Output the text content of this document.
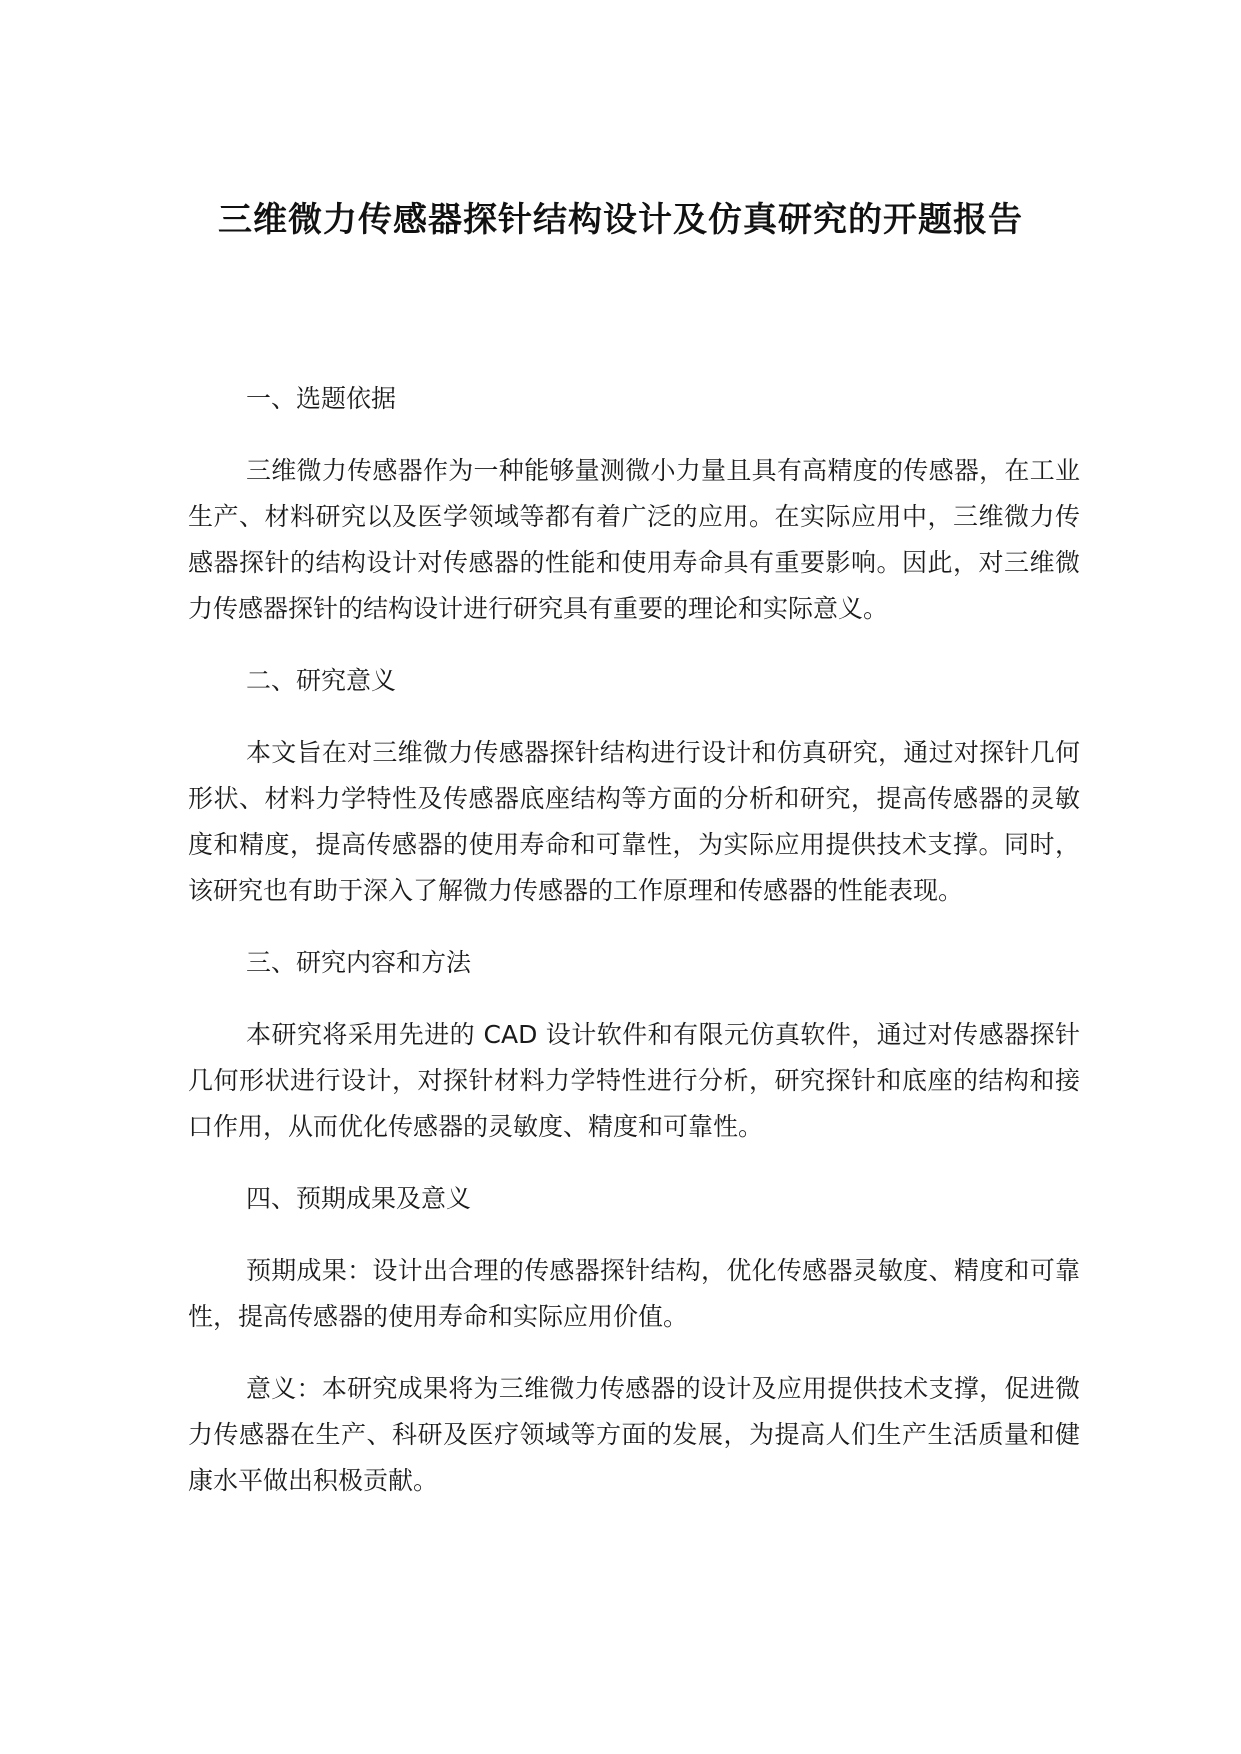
三维微力传感器探针结构设计及仿真研究的开题报告

一、选题依据

三维微力传感器作为一种能够量测微小力量且具有高精度的传感器，在工业生产、材料研究以及医学领域等都有着广泛的应用。在实际应用中，三维微力传感器探针的结构设计对传感器的性能和使用寿命具有重要影响。因此，对三维微力传感器探针的结构设计进行研究具有重要的理论和实际意义。

二、研究意义

本文旨在对三维微力传感器探针结构进行设计和仿真研究，通过对探针几何形状、材料力学特性及传感器底座结构等方面的分析和研究，提高传感器的灵敏度和精度，提高传感器的使用寿命和可靠性，为实际应用提供技术支撑。同时，该研究也有助于深入了解微力传感器的工作原理和传感器的性能表现。

三、研究内容和方法

本研究将采用先进的 CAD 设计软件和有限元仿真软件，通过对传感器探针几何形状进行设计，对探针材料力学特性进行分析，研究探针和底座的结构和接口作用，从而优化传感器的灵敏度、精度和可靠性。

四、预期成果及意义

预期成果：设计出合理的传感器探针结构，优化传感器灵敏度、精度和可靠性，提高传感器的使用寿命和实际应用价值。

意义：本研究成果将为三维微力传感器的设计及应用提供技术支撑，促进微力传感器在生产、科研及医疗领域等方面的发展，为提高人们生产生活质量和健康水平做出积极贡献。
